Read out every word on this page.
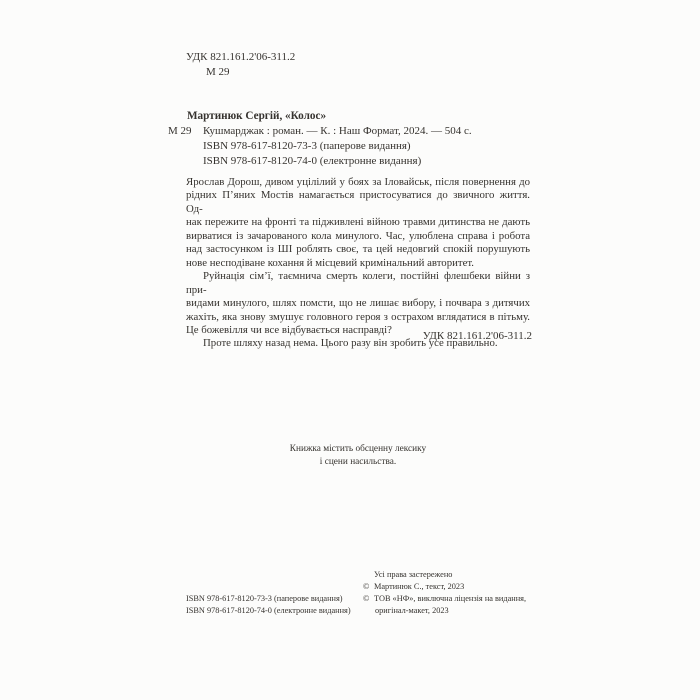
УДК 821.161.2'06-311.2
М 29
Мартинюк Сергій, «Колос»
М 29 Кушмарджак : роман. — К. : Наш Формат, 2024. — 504 с.
ISBN 978-617-8120-73-3 (паперове видання)
ISBN 978-617-8120-74-0 (електронне видання)
Ярослав Дорош, дивом уцілілий у боях за Іловайськ, після повернення до
рідних П’яних Мостів намагається пристосуватися до звичного життя. Од-
нак пережите на фронті та підживлені війною травми дитинства не дають
вирватися із зачарованого кола минулого. Час, улюблена справа і робота
над застосунком із ШІ роблять своє, та цей недовгий спокій порушують
нове несподіване кохання й місцевий кримінальний авторитет.
Руйнація сім’ї, таємнича смерть колеги, постійні флешбеки війни з при-
видами минулого, шлях помсти, що не лишає вибору, і почвара з дитячих
жахіть, яка знову змушує головного героя з острахом вглядатися в пітьму.
Це божевілля чи все відбувається насправді?
Проте шляху назад нема. Цього разу він зробить усе правильно.
УДК 821.161.2'06-311.2
Книжка містить обсценну лексику
і сцени насильства.
ISBN 978-617-8120-73-3 (паперове видання)
ISBN 978-617-8120-74-0 (електронне видання)
Усі права застережено
© Мартинюк С., текст, 2023
© ТОВ «НФ», виключна ліцензія на видання,
оригінал-макет, 2023
